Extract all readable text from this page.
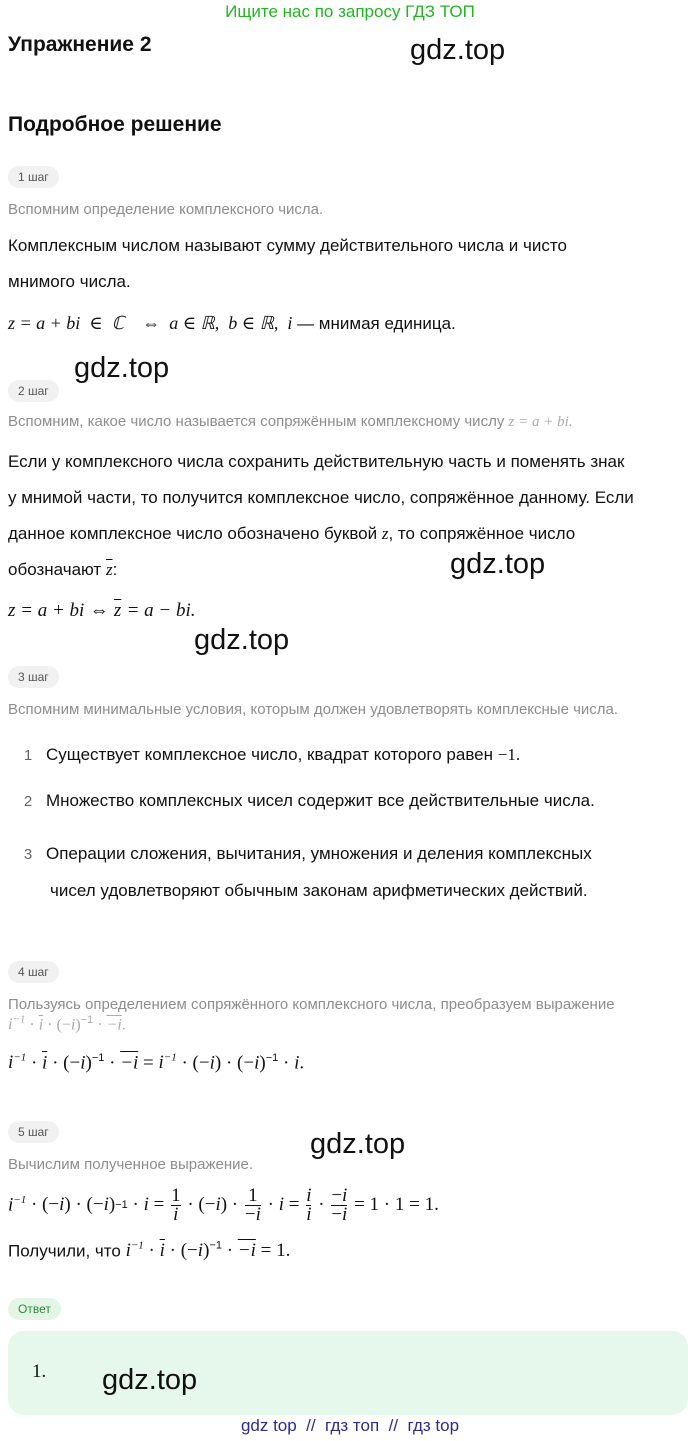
Ищите нас по запросу ГДЗ ТОП
Упражнение 2	gdz.top
Подробное решение
1 шаг
Вспомним определение комплексного числа.
Комплексным числом называют сумму действительного числа и чисто
мнимого числа.
z = a + bi  ∈  ℂ    ⇔  a ∈ ℝ,  b ∈ ℝ,  i — мнимая единица.
gdz.top
2 шаг
Вспомним, какое число называется сопряжённым комплексному числу z = a + bi.
Если у комплексного числа сохранить действительную часть и поменять знак
у мнимой части, то получится комплексное число, сопряжённое данному. Если
данное комплексное число обозначено буквой z, то сопряжённое число
обозначают $\overline{z}$:	gdz.top
z = a + bi ⇔ $\overline{z} = a$ − bi.
gdz.top
3 шаг
Вспомним минимальные условия, которым должен удовлетворять комплексные числа.
1 Существует комплексное число, квадрат которого равен −1.
2 Множество комплексных чисел содержит все действительные числа.
3 Операции сложения, вычитания, умножения и деления комплексных
чисел удовлетворяют обычным законам арифметических действий.
4 шаг
Пользуясь определением сопряжённого комплексного числа, преобразуем выражение
$i^{-1} \cdot \overline{i} \cdot (-i)^{-1} \cdot -i$.
$i^{-1} \cdot \overline{i} \cdot (-i)^{-1} \cdot -i = i^{-1} \cdot (-i) \cdot (-i)^{-1} \cdot i$.
5 шаг	gdz.top
Вычислим полученное выражение.
$i^{-1}$ · (− i ) · (− i ) $-1 \cdot i = \frac{1}{i}$ · (− i ) · $\frac{1}{-i} \cdot i = \frac{i}{i} \cdot \frac{-i}{-i} = 1 \cdot 1 = 1$.
Получили, что $i^{-1} \cdot \overline{i} \cdot (-i)^{-1} \cdot -i = 1$.
Ответ
1. gdz.top
gdz top  //  гдз топ  //  гдз top
